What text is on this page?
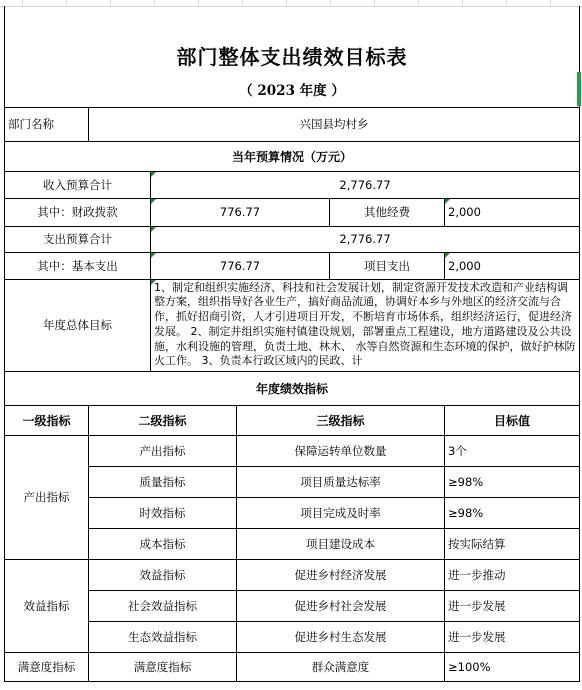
部门整体支出绩效目标表					
（ 2023 年度 ）					
部门名称	兴国县均村乡				
当年预算情况（万元）					
收入预算合计		2,776.77			
其中：财政拨款		776.77		其他经费	2,000
支出预算合计		2,776.77			
其中：基本支出		776.77		项目支出	2,000
年度总体目标		1、制定和组织实施经济、科技和社会发展计划，制定资源开发技术改造和产业结构调整方案，组织指导好各业生产，搞好商品流通，协调好本乡与外地区的经济交流与合作，抓好招商引资，人才引进项目开发，不断培育市场体系，组织经济运行，促进经济发展。 2、制定并组织实施村镇建设规划，部署重点工程建设，地方道路建设及公共设施，水利设施的管理，负责土地、林木、 水等自然资源和生态环境的保护，做好护林防火工作。 3、负责本行政区域内的民政、计			
年度绩效指标					
一级指标	二级指标		三级指标		目标值
产出指标	产出指标		保障运转单位数量		3个
	质量指标		项目质量达标率		≥98%
	时效指标		项目完成及时率		≥98%
	成本指标		项目建设成本		按实际结算
效益指标	效益指标		促进乡村经济发展		进一步推动
	社会效益指标		促进乡村社会发展		进一步发展
	生态效益指标		促进乡村生态发展		进一步发展
满意度指标	满意度指标		群众满意度		≥100%
